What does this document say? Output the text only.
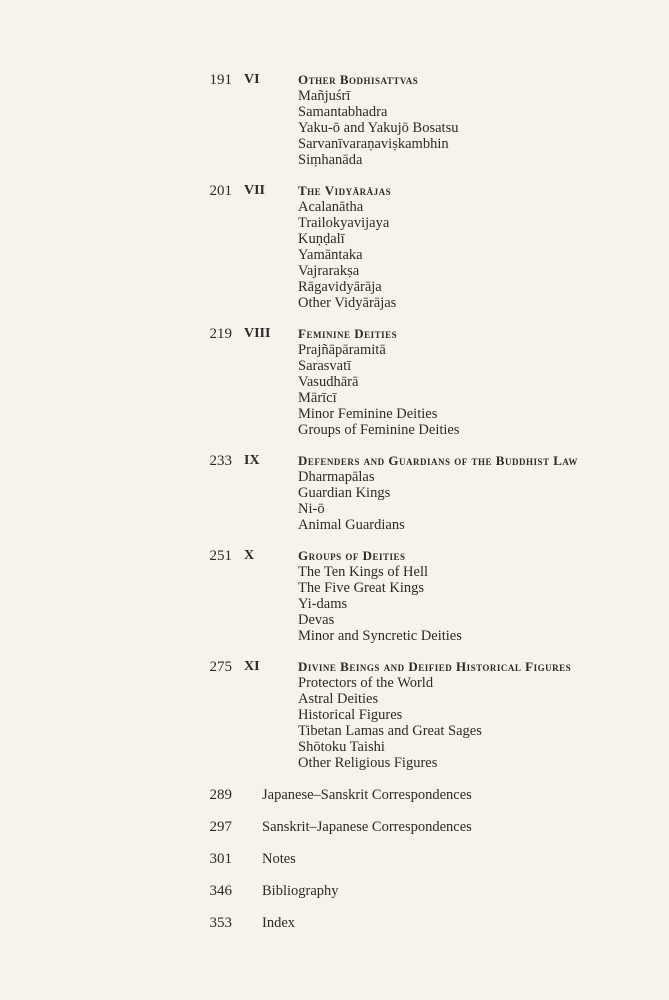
191 VI	Other Bodhisattvas
Mañjuśrī
Samantabhadra
Yaku-ō and Yakujō Bosatsu
Sarvanīvaraṇaviṣkambhin
Siṃhanāda
201 VII	The Vidyārājas
Acalanātha
Trailokyavijaya
Kuṇḍalī
Yamāntaka
Vajrarakṣa
Rāgavidyārāja
Other Vidyārājas
219 VIII	Feminine Deities
Prajñāpāramitā
Sarasvatī
Vasudhārā
Mārīcī
Minor Feminine Deities
Groups of Feminine Deities
233 IX	Defenders and Guardians of the Buddhist Law
Dharmapālas
Guardian Kings
Ni-ō
Animal Guardians
251 X	Groups of Deities
The Ten Kings of Hell
The Five Great Kings
Yi-dams
Devas
Minor and Syncretic Deities
275 XI	Divine Beings and Deified Historical Figures
Protectors of the World
Astral Deities
Historical Figures
Tibetan Lamas and Great Sages
Shōtoku Taishi
Other Religious Figures
289 Japanese–Sanskrit Correspondences
297 Sanskrit–Japanese Correspondences
301 Notes
346 Bibliography
353 Index
